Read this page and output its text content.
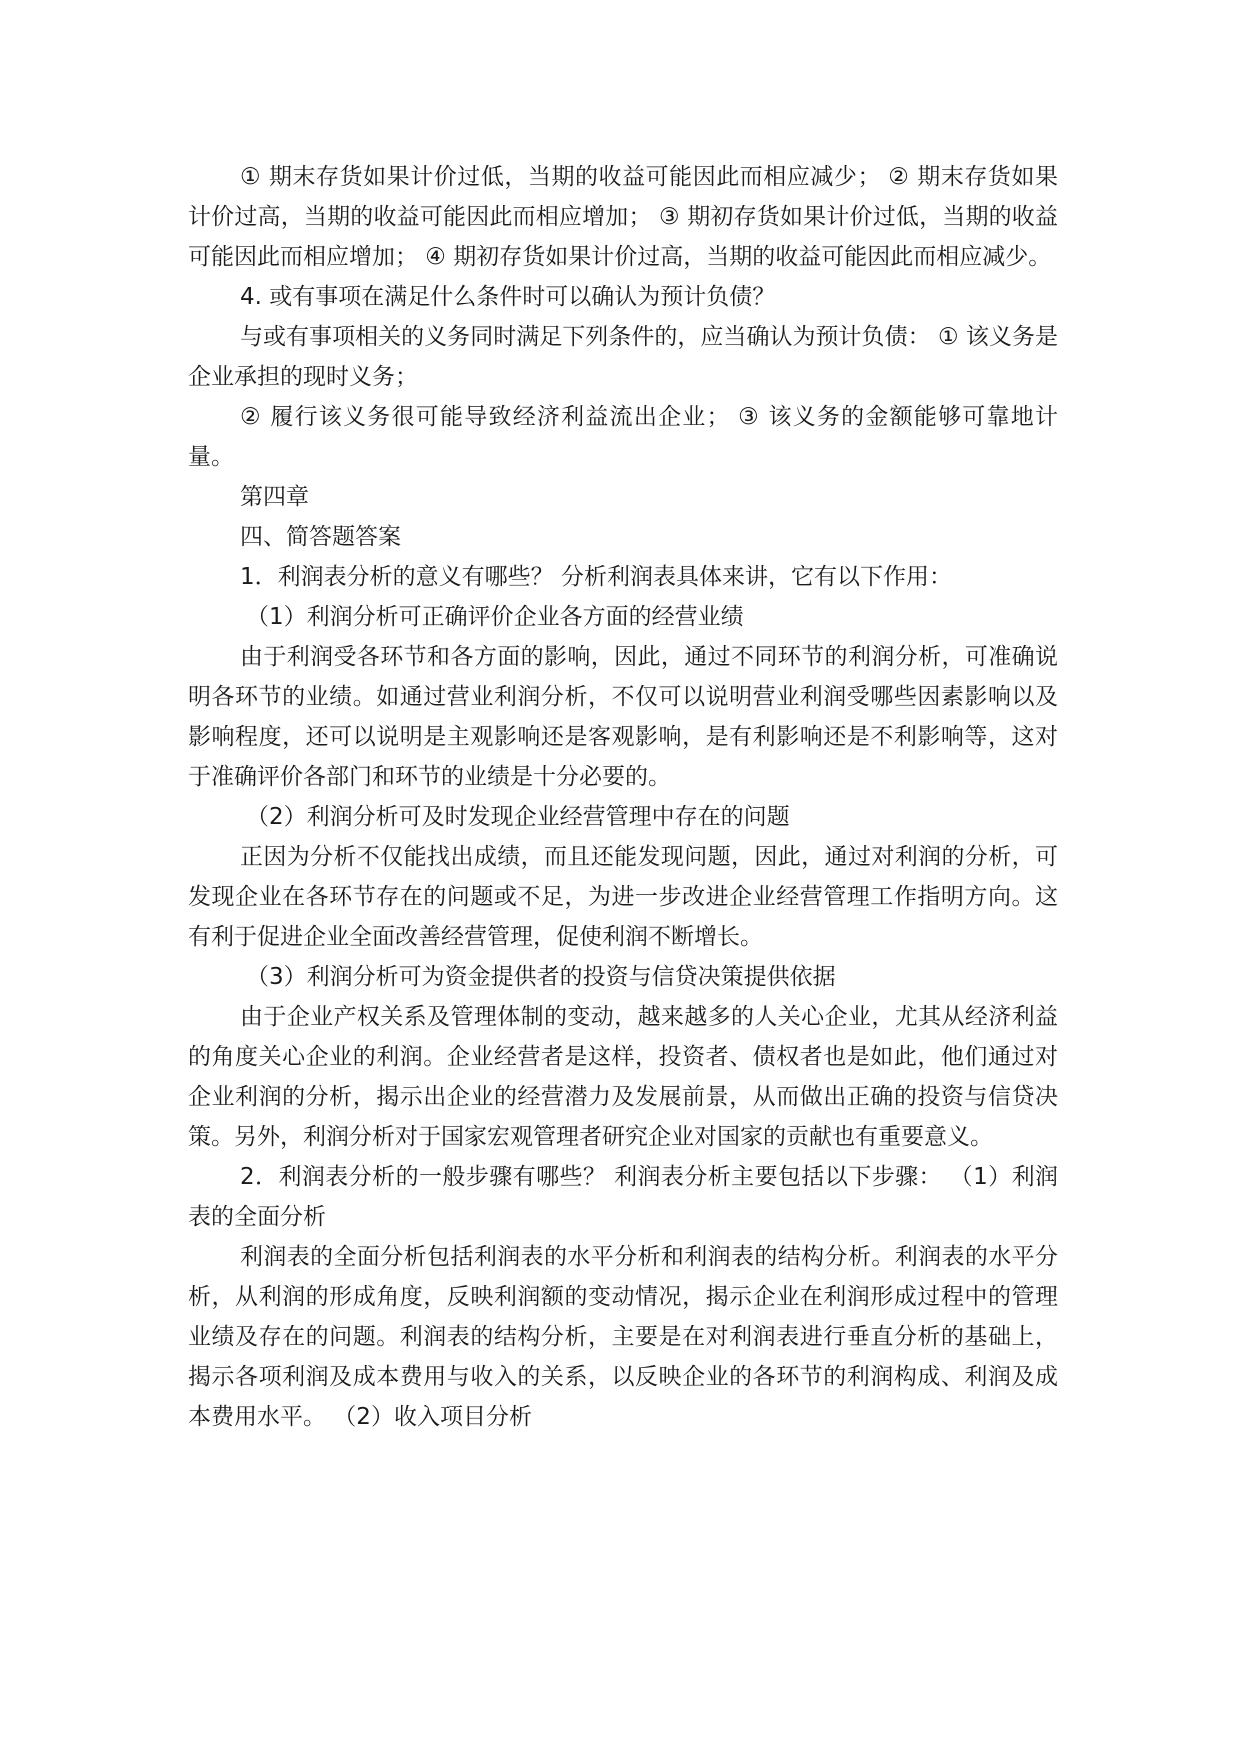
① 期末存货如果计价过低，当期的收益可能因此而相应减少； ② 期末存货如果计价过高，当期的收益可能因此而相应增加； ③ 期初存货如果计价过低，当期的收益可能因此而相应增加； ④ 期初存货如果计价过高，当期的收益可能因此而相应减少。

4. 或有事项在满足什么条件时可以确认为预计负债？

与或有事项相关的义务同时满足下列条件的，应当确认为预计负债： ① 该义务是企业承担的现时义务；

② 履行该义务很可能导致经济利益流出企业； ③ 该义务的金额能够可靠地计量。

第四章

四、简答题答案

1．利润表分析的意义有哪些？ 分析利润表具体来讲，它有以下作用：

（1）利润分析可正确评价企业各方面的经营业绩

由于利润受各环节和各方面的影响，因此，通过不同环节的利润分析，可准确说明各环节的业绩。如通过营业利润分析，不仅可以说明营业利润受哪些因素影响以及影响程度，还可以说明是主观影响还是客观影响，是有利影响还是不利影响等，这对于准确评价各部门和环节的业绩是十分必要的。

（2）利润分析可及时发现企业经营管理中存在的问题

正因为分析不仅能找出成绩，而且还能发现问题，因此，通过对利润的分析，可发现企业在各环节存在的问题或不足，为进一步改进企业经营管理工作指明方向。这有利于促进企业全面改善经营管理，促使利润不断增长。

（3）利润分析可为资金提供者的投资与信贷决策提供依据

由于企业产权关系及管理体制的变动，越来越多的人关心企业，尤其从经济利益的角度关心企业的利润。企业经营者是这样，投资者、债权者也是如此，他们通过对企业利润的分析，揭示出企业的经营潜力及发展前景，从而做出正确的投资与信贷决策。另外，利润分析对于国家宏观管理者研究企业对国家的贡献也有重要意义。

2．利润表分析的一般步骤有哪些？ 利润表分析主要包括以下步骤： （1）利润表的全面分析

利润表的全面分析包括利润表的水平分析和利润表的结构分析。利润表的水平分析，从利润的形成角度，反映利润额的变动情况，揭示企业在利润形成过程中的管理业绩及存在的问题。利润表的结构分析，主要是在对利润表进行垂直分析的基础上，揭示各项利润及成本费用与收入的关系，以反映企业的各环节的利润构成、利润及成本费用水平。 （2）收入项目分析
